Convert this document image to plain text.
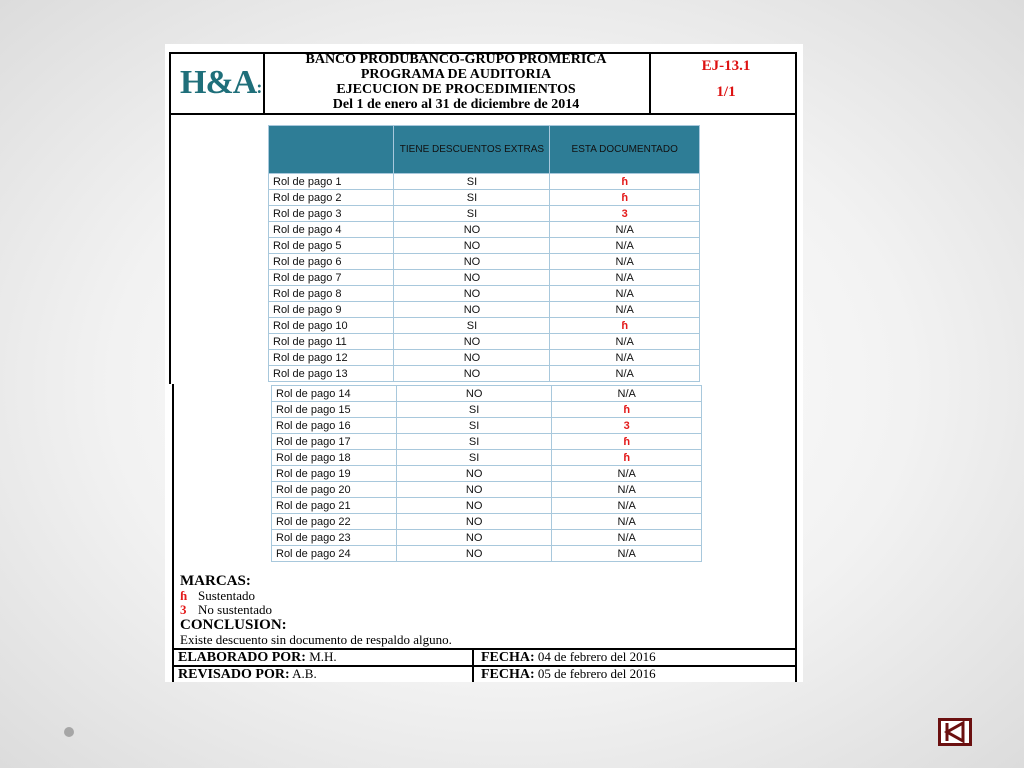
H&A:
BANCO PRODUBANCO-GRUPO PROMERICA
PROGRAMA DE AUDITORIA
EJECUCION DE PROCEDIMIENTOS
Del 1 de enero al 31 de diciembre de 2014
EJ-13.1
1/1
	TIENE DESCUENTOS EXTRAS	ESTA DOCUMENTADO
Rol de pago 1	SI	ɦ
Rol de pago 2	SI	ɦ
Rol de pago 3	SI	3
Rol de pago 4	NO	N/A
Rol de pago 5	NO	N/A
Rol de pago 6	NO	N/A
Rol de pago 7	NO	N/A
Rol de pago 8	NO	N/A
Rol de pago 9	NO	N/A
Rol de pago 10	SI	ɦ
Rol de pago 11	NO	N/A
Rol de pago 12	NO	N/A
Rol de pago 13	NO	N/A
Rol de pago 14	NO	N/A
Rol de pago 15	SI	ɦ
Rol de pago 16	SI	3
Rol de pago 17	SI	ɦ
Rol de pago 18	SI	ɦ
Rol de pago 19	NO	N/A
Rol de pago 20	NO	N/A
Rol de pago 21	NO	N/A
Rol de pago 22	NO	N/A
Rol de pago 23	NO	N/A
Rol de pago 24	NO	N/A
MARCAS:
ɦ Sustentado
3 No sustentado
CONCLUSION:
Existe descuento sin documento de respaldo alguno.
ELABORADO POR: M.H.	FECHA: 04 de febrero del 2016
REVISADO POR: A.B.	FECHA: 05 de febrero del 2016
